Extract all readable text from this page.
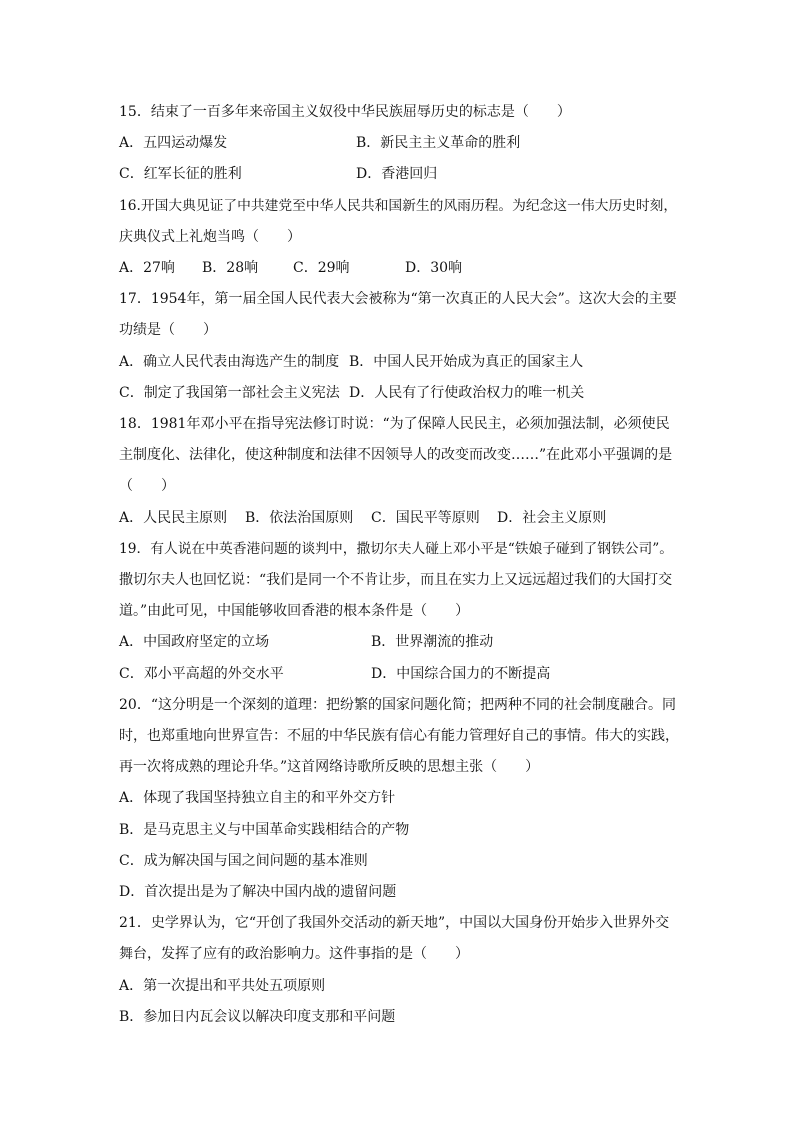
15．结束了一百多年来帝国主义奴役中华民族屈辱历史的标志是（　　）
A．五四运动爆发	B．新民主主义革命的胜利
C．红军长征的胜利	D．香港回归
16.开国大典见证了中共建党至中华人民共和国新生的风雨历程。为纪念这一伟大历史时刻，
庆典仪式上礼炮当鸣（　　）
A．27响 B．28响 C．29响	D．30响
17．1954年，第一届全国人民代表大会被称为“第一次真正的人民大会”。这次大会的主要
功绩是（　　）
A．确立人民代表由海选产生的制度 B．中国人民开始成为真正的国家主人
C．制定了我国第一部社会主义宪法 D．人民有了行使政治权力的唯一机关
18．1981年邓小平在指导宪法修订时说：“为了保障人民民主，必须加强法制，必须使民
主制度化、法律化，使这种制度和法律不因领导人的改变而改变……”在此邓小平强调的是
（　　）
A．人民民主原则 B．依法治国原则 C．国民平等原则 D．社会主义原则
19．有人说在中英香港问题的谈判中，撒切尔夫人碰上邓小平是“铁娘子碰到了钢铁公司”。
撒切尔夫人也回忆说：“我们是同一个不肯让步，而且在实力上又远远超过我们的大国打交
道。”由此可见，中国能够收回香港的根本条件是（　　）
A．中国政府坚定的立场	B．世界潮流的推动
C．邓小平高超的外交水平	D．中国综合国力的不断提高
20．“这分明是一个深刻的道理：把纷繁的国家问题化简；把两种不同的社会制度融合。同
时，也郑重地向世界宣告：不屈的中华民族有信心有能力管理好自己的事情。伟大的实践，
再一次将成熟的理论升华。”这首网络诗歌所反映的思想主张（　　）
A．体现了我国坚持独立自主的和平外交方针
B．是马克思主义与中国革命实践相结合的产物
C．成为解决国与国之间问题的基本准则
D．首次提出是为了解决中国内战的遗留问题
21．史学界认为，它“开创了我国外交活动的新天地”，中国以大国身份开始步入世界外交
舞台，发挥了应有的政治影响力。这件事指的是（　　）
A．第一次提出和平共处五项原则
B．参加日内瓦会议以解决印度支那和平问题
